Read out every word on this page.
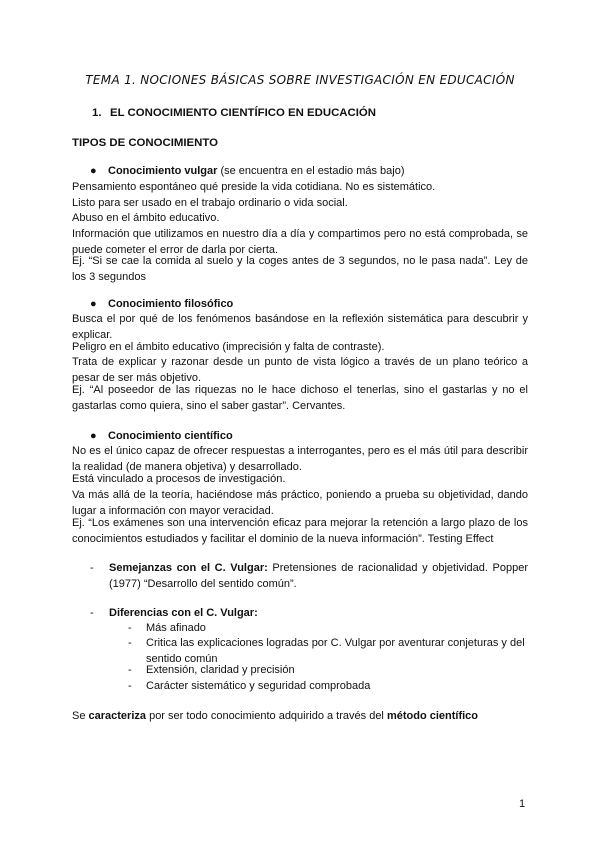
TEMA 1. NOCIONES BÁSICAS SOBRE INVESTIGACIÓN EN EDUCACIÓN
1. EL CONOCIMIENTO CIENTÍFICO EN EDUCACIÓN
TIPOS DE CONOCIMIENTO
● Conocimiento vulgar (se encuentra en el estadio más bajo)
Pensamiento espontáneo qué preside la vida cotidiana. No es sistemático.
Listo para ser usado en el trabajo ordinario o vida social.
Abuso en el ámbito educativo.
Información que utilizamos en nuestro día a día y compartimos pero no está comprobada, se puede cometer el error de darla por cierta.
Ej. “Si se cae la comida al suelo y la coges antes de 3 segundos, no le pasa nada”. Ley de los 3 segundos
● Conocimiento filosófico
Busca el por qué de los fenómenos basándose en la reflexión sistemática para descubrir y explicar.
Peligro en el ámbito educativo (imprecisión y falta de contraste).
Trata de explicar y razonar desde un punto de vista lógico a través de un plano teórico a pesar de ser más objetivo.
Ej. “Al poseedor de las riquezas no le hace dichoso el tenerlas, sino el gastarlas y no el gastarlas como quiera, sino el saber gastar”. Cervantes.
● Conocimiento científico
No es el único capaz de ofrecer respuestas a interrogantes, pero es el más útil para describir la realidad (de manera objetiva) y desarrollado.
Está vinculado a procesos de investigación.
Va más allá de la teoría, haciéndose más práctico, poniendo a prueba su objetividad, dando lugar a información con mayor veracidad.
Ej. “Los exámenes son una intervención eficaz para mejorar la retención a largo plazo de los conocimientos estudiados y facilitar el dominio de la nueva información”. Testing Effect
- Semejanzas con el C. Vulgar: Pretensiones de racionalidad y objetividad. Popper (1977) “Desarrollo del sentido común”.
- Diferencias con el C. Vulgar:
- Más afinado
- Critica las explicaciones logradas por C. Vulgar por aventurar conjeturas y del sentido común
- Extensión, claridad y precisión
- Carácter sistemático y seguridad comprobada
Se caracteriza por ser todo conocimiento adquirido a través del método científico
1
